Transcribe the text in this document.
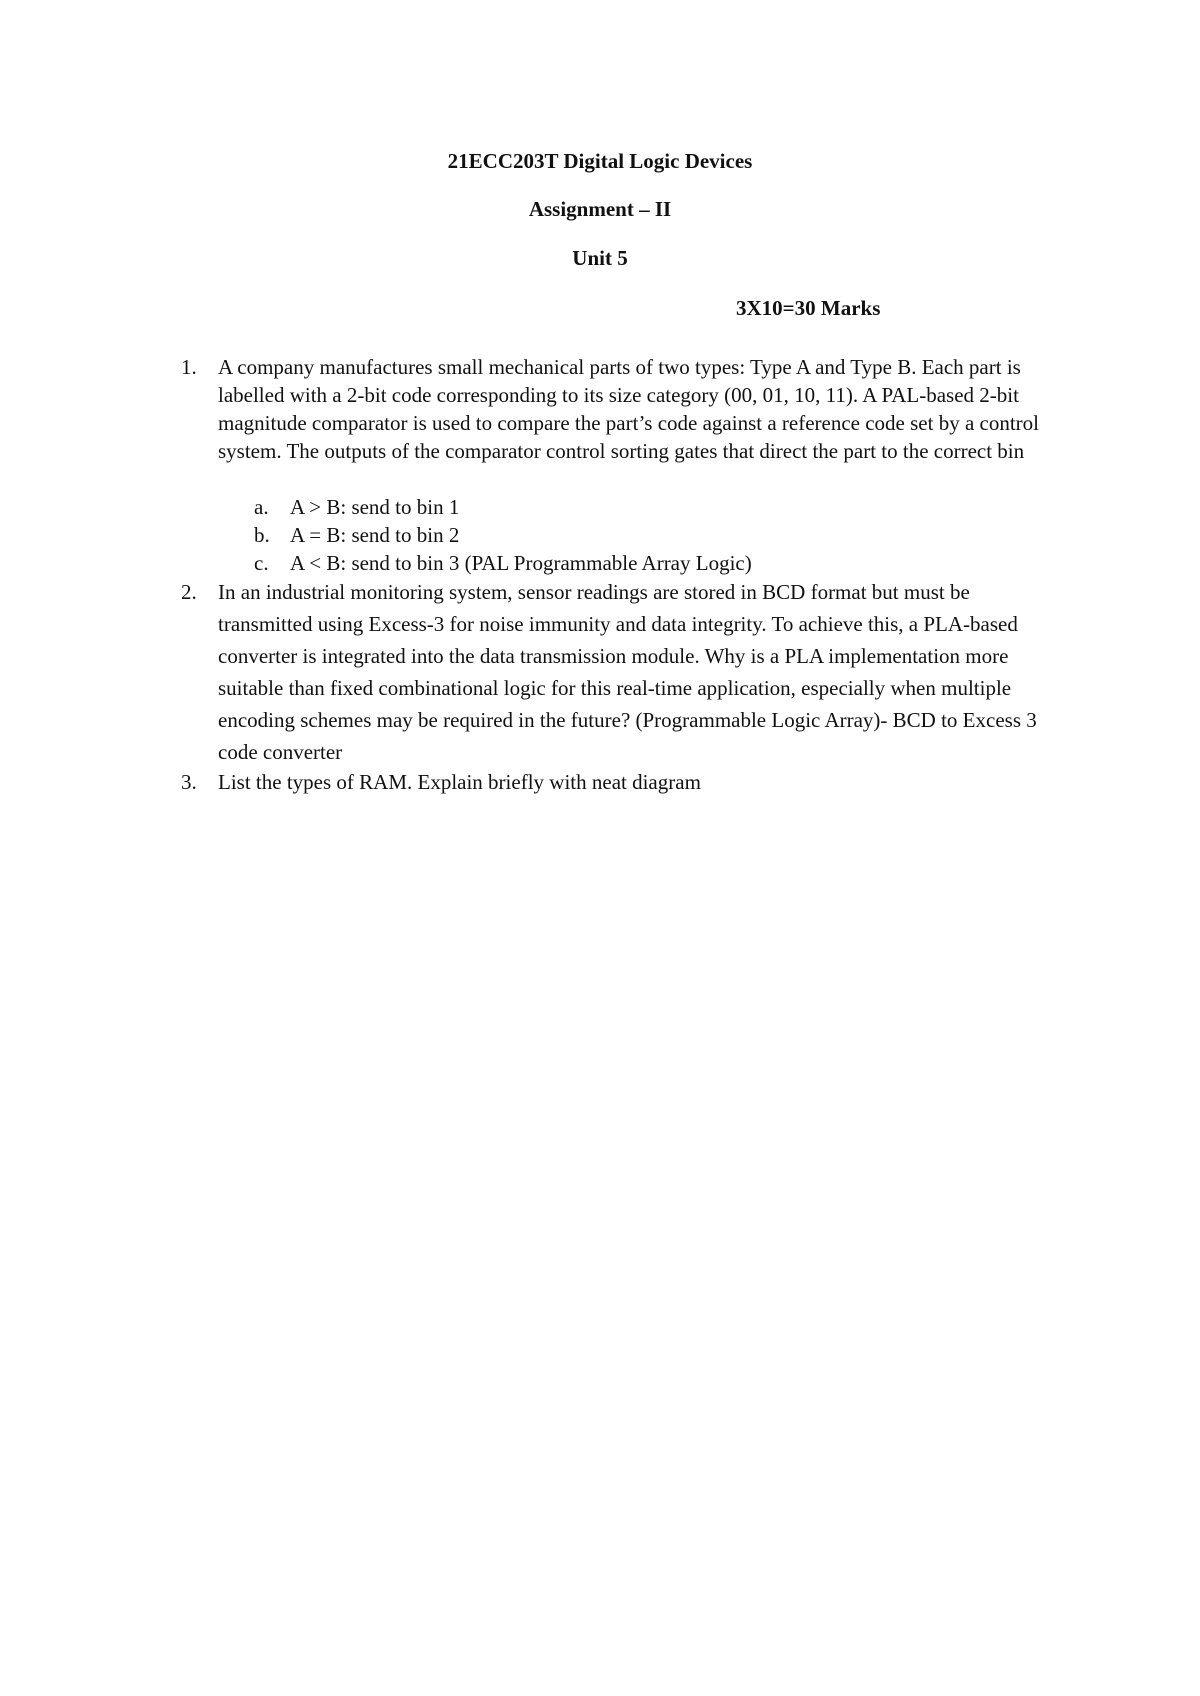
21ECC203T Digital Logic Devices
Assignment – II
Unit 5
3X10=30 Marks
1.	A company manufactures small mechanical parts of two types: Type A and Type B. Each part is labelled with a 2-bit code corresponding to its size category (00, 01, 10, 11). A PAL-based 2-bit magnitude comparator is used to compare the part’s code against a reference code set by a control system. The outputs of the comparator control sorting gates that direct the part to the correct bin
a.	A > B: send to bin 1
b. A = B: send to bin 2
c.	A < B: send to bin 3 (PAL Programmable Array Logic)
2.	In an industrial monitoring system, sensor readings are stored in BCD format but must be transmitted using Excess-3 for noise immunity and data integrity. To achieve this, a PLA-based converter is integrated into the data transmission module. Why is a PLA implementation more suitable than fixed combinational logic for this real-time application, especially when multiple encoding schemes may be required in the future? (Programmable Logic Array)- BCD to Excess 3 code converter
3.	List the types of RAM. Explain briefly with neat diagram
